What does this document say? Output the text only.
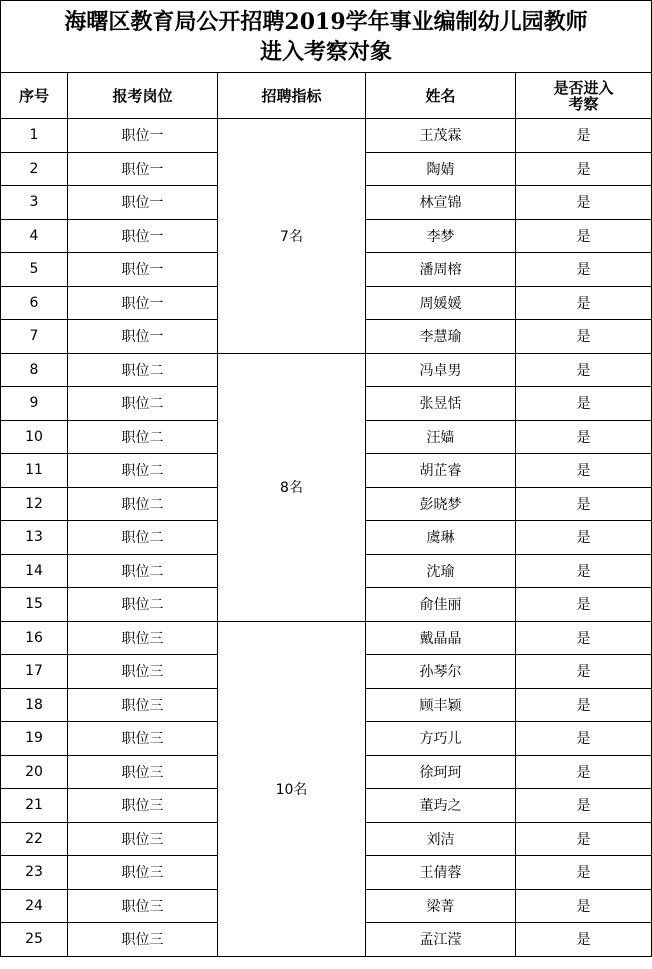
海曙区教育局公开招聘2019学年事业编制幼儿园教师
进入考察对象				

序号	报考岗位	招聘指标	姓名	是否进入考察

1	职位一	7名	王茂霖	是
2	职位一		陶婧	是
3	职位一		林宣锦	是
4	职位一		李梦	是
5	职位一		潘周榕	是
6	职位一		周媛媛	是
7	职位一		李慧瑜	是
8	职位二	8名	冯卓男	是
9	职位二		张昱恬	是
10	职位二		汪嫱	是
11	职位二		胡芷睿	是
12	职位二		彭晓梦	是
13	职位二		虞琳	是
14	职位二		沈瑜	是
15	职位二		俞佳丽	是
16	职位三	10名	戴晶晶	是
17	职位三		孙琴尔	是
18	职位三		顾丰颖	是
19	职位三		方巧儿	是
20	职位三		徐珂珂	是
21	职位三		董玙之	是
22	职位三		刘洁	是
23	职位三		王倩蓉	是
24	职位三		梁菁	是
25	职位三		孟江滢	是
